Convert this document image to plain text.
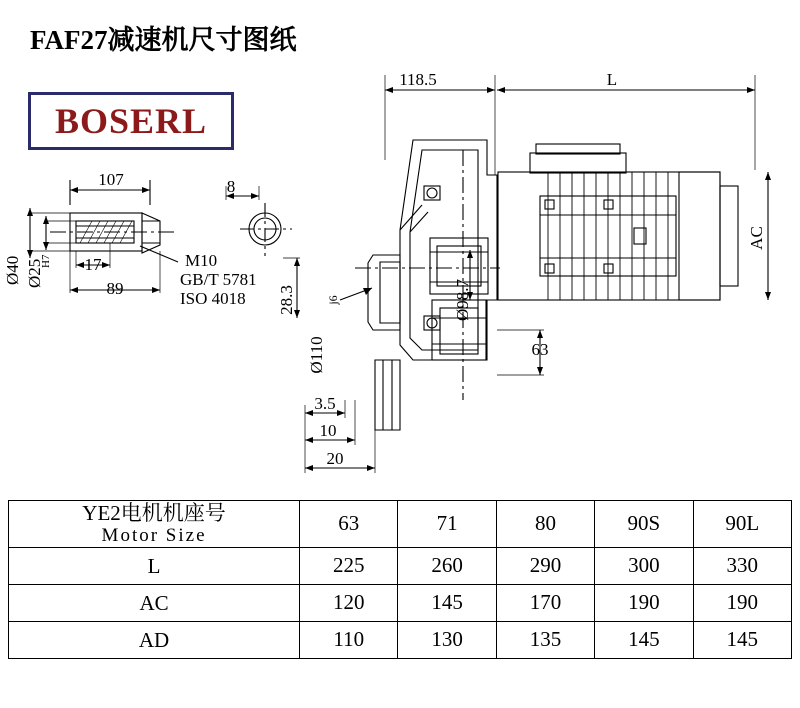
FAF27减速机尺寸图纸
BOSERL
118.5	L
107	8
17
89
M10
GB/T 5781
ISO 4018
63
3.5
10
20
AC
Ø40 Ø25
H7
28.3	Ø98.7
Ø110
j6
YE2电机机座号
Motor Size	63	71	80	90S	90L
L	225	260	290	300	330
AC	120	145	170	190	190
AD	110	130	135	145	145
